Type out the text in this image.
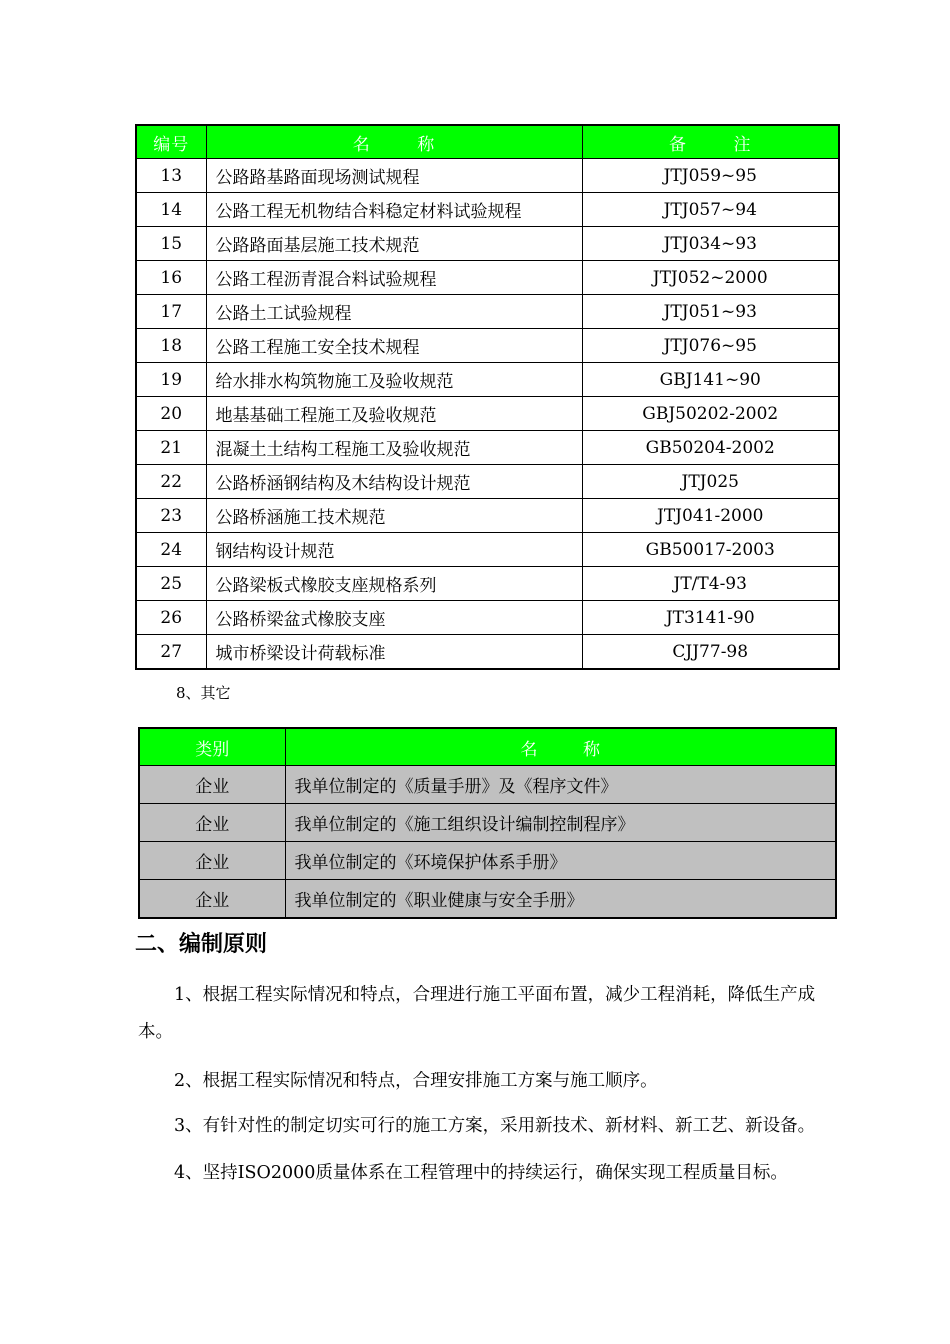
编号	名 称	备 注
13	公路路基路面现场测试规程	JTJ059~95
14	公路工程无机物结合料稳定材料试验规程	JTJ057~94
15	公路路面基层施工技术规范	JTJ034~93
16	公路工程沥青混合料试验规程	JTJ052~2000
17	公路土工试验规程	JTJ051~93
18	公路工程施工安全技术规程	JTJ076~95
19	给水排水构筑物施工及验收规范	GBJ141~90
20	地基基础工程施工及验收规范	GBJ50202-2002
21	混凝土土结构工程施工及验收规范	GB50204-2002
22	公路桥涵钢结构及木结构设计规范	JTJ025
23	公路桥涵施工技术规范	JTJ041-2000
24	钢结构设计规范	GB50017-2003
25	公路梁板式橡胶支座规格系列	JT/T4-93
26	公路桥梁盆式橡胶支座	JT3141-90
27	城市桥梁设计荷载标准	CJJ77-98
8、其它
类别	名 称
企业	我单位制定的《质量手册》及《程序文件》
企业	我单位制定的《施工组织设计编制控制程序》
企业	我单位制定的《环境保护体系手册》
企业	我单位制定的《职业健康与安全手册》
二、编制原则

1、根据工程实际情况和特点，合理进行施工平面布置，减少工程消耗，降低生产成本。

2、根据工程实际情况和特点，合理安排施工方案与施工顺序。

3、有针对性的制定切实可行的施工方案，采用新技术、新材料、新工艺、新设备。

4、坚持ISO2000质量体系在工程管理中的持续运行，确保实现工程质量目标。
